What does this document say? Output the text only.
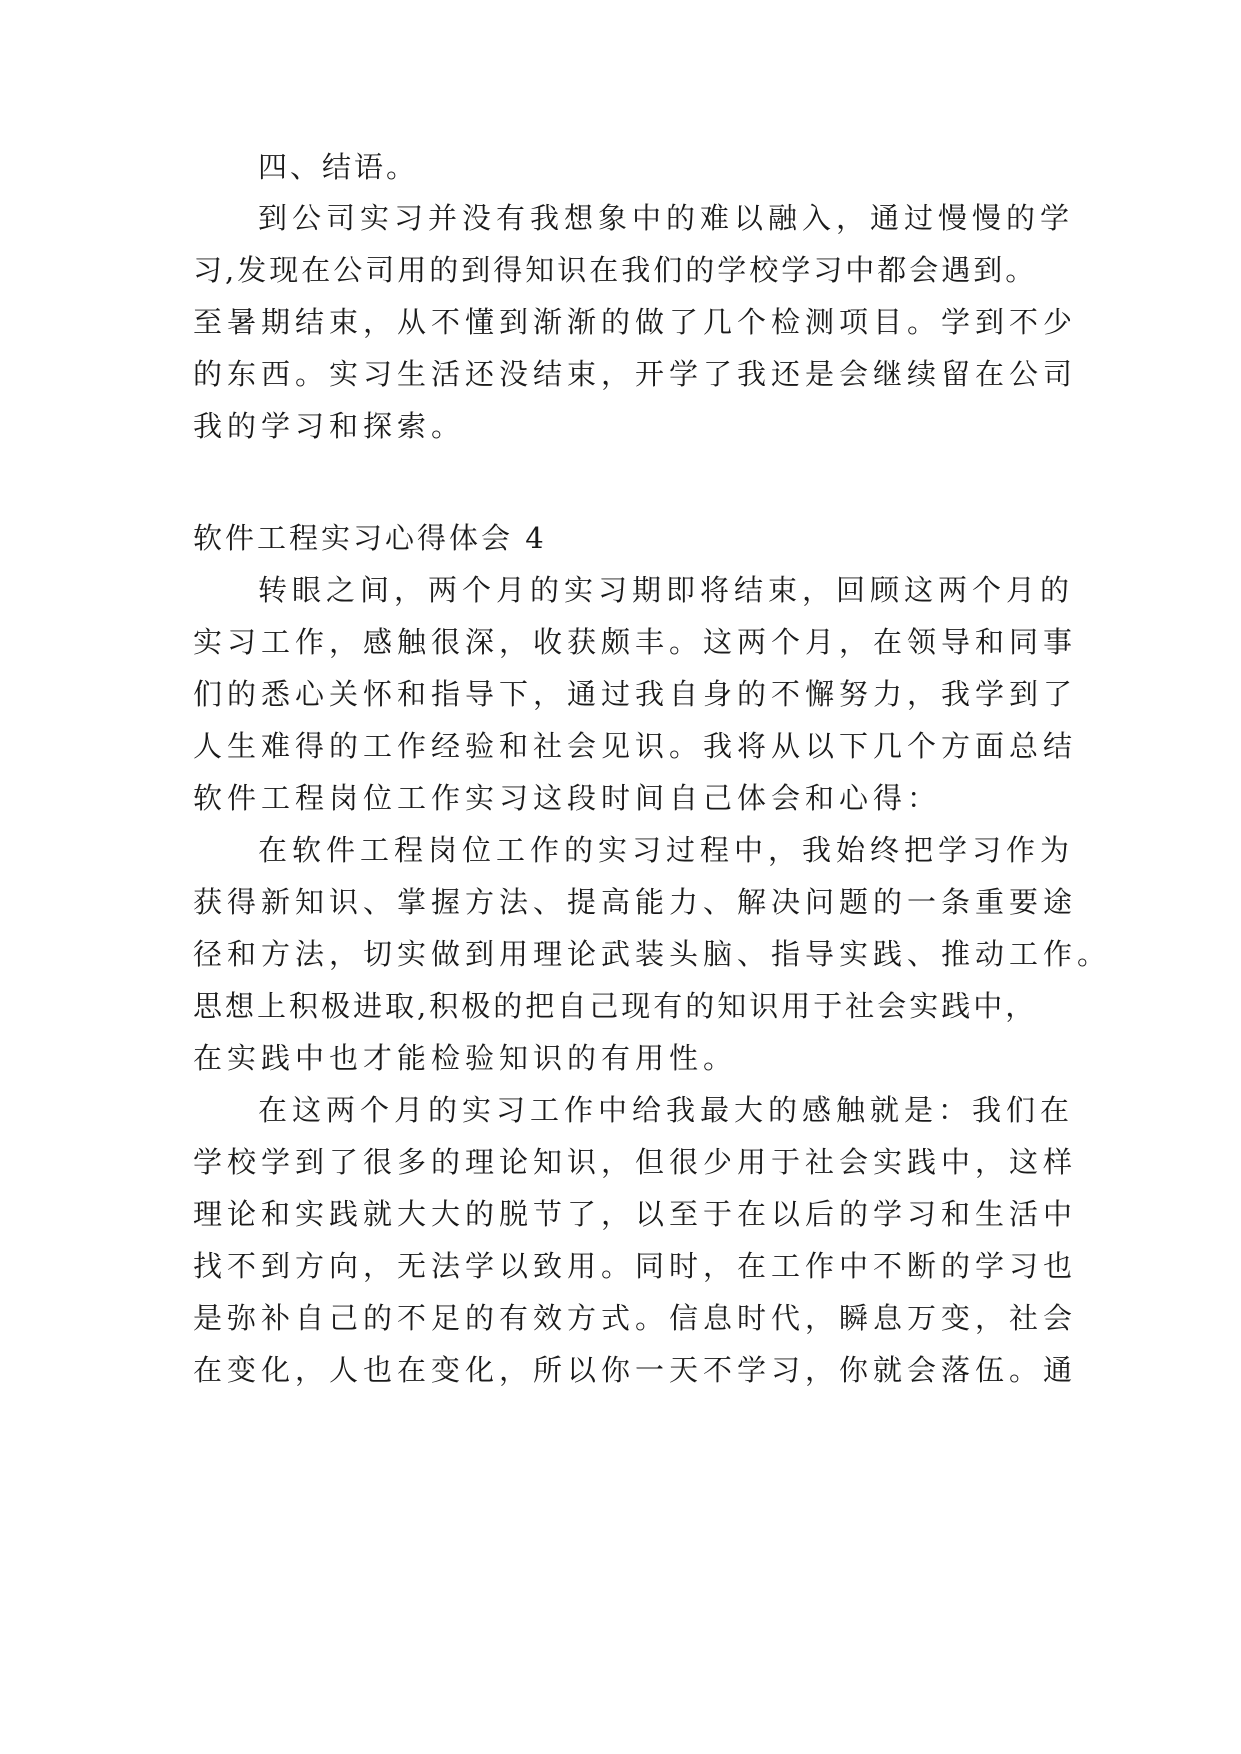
四、结语。
到公司实习并没有我想象中的难以融入，通过慢慢的学
习,发现在公司用的到得知识在我们的学校学习中都会遇到。
至暑期结束，从不懂到渐渐的做了几个检测项目。学到不少
的东西。实习生活还没结束，开学了我还是会继续留在公司
我的学习和探索。
软件工程实习心得体会 4
转眼之间，两个月的实习期即将结束，回顾这两个月的
实习工作，感触很深，收获颇丰。这两个月，在领导和同事
们的悉心关怀和指导下，通过我自身的不懈努力，我学到了
人生难得的工作经验和社会见识。我将从以下几个方面总结
软件工程岗位工作实习这段时间自己体会和心得：
在软件工程岗位工作的实习过程中，我始终把学习作为
获得新知识、掌握方法、提高能力、解决问题的一条重要途
径和方法，切实做到用理论武装头脑、指导实践、推动工作。
思想上积极进取,积极的把自己现有的知识用于社会实践中，
在实践中也才能检验知识的有用性。
在这两个月的实习工作中给我最大的感触就是：我们在
学校学到了很多的理论知识，但很少用于社会实践中，这样
理论和实践就大大的脱节了，以至于在以后的学习和生活中
找不到方向，无法学以致用。同时，在工作中不断的学习也
是弥补自己的不足的有效方式。信息时代，瞬息万变，社会
在变化，人也在变化，所以你一天不学习，你就会落伍。通
